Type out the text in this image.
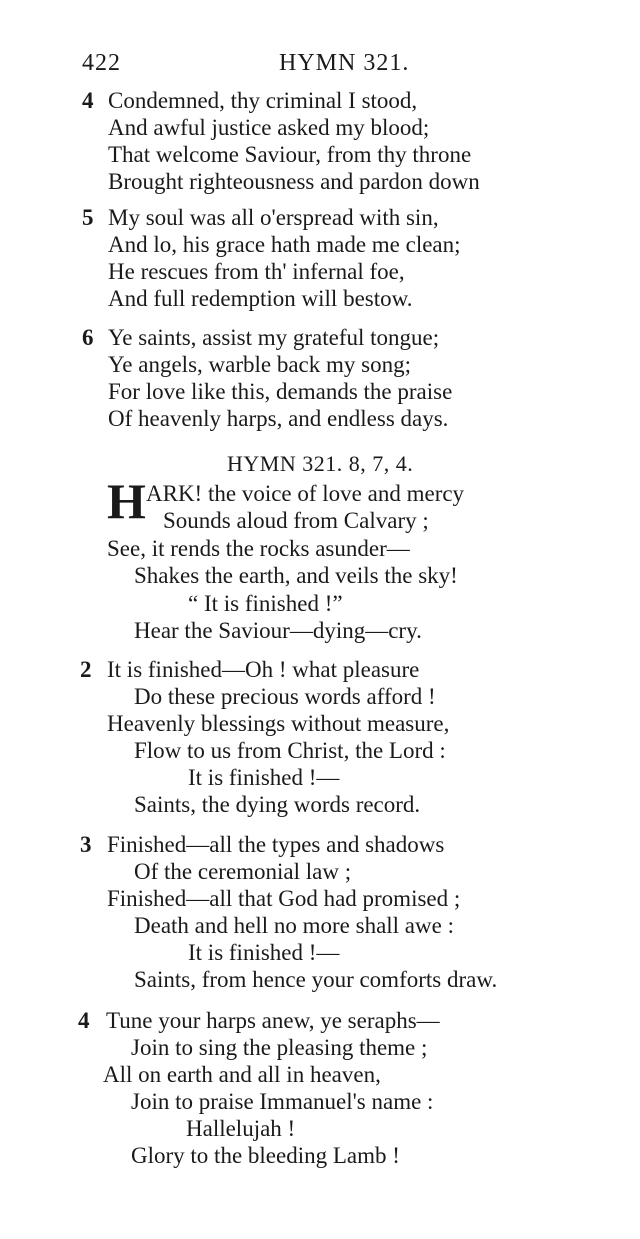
422	HYMN 321.
4 Condemned, thy criminal I stood,
And awful justice asked my blood;
That welcome Saviour, from thy throne
Brought righteousness and pardon down
5 My soul was all o'erspread with sin,
And lo, his grace hath made me clean;
He rescues from th' infernal foe,
And full redemption will bestow.
6 Ye saints, assist my grateful tongue;
Ye angels, warble back my song;
For love like this, demands the praise
Of heavenly harps, and endless days.
HYMN 321. 8, 7, 4.
H ARK! the voice of love and mercy
Sounds aloud from Calvary ;
See, it rends the rocks asunder—
Shakes the earth, and veils the sky!
“ It is finished !”
Hear the Saviour—dying—cry.
2 It is finished—Oh ! what pleasure
Do these precious words afford !
Heavenly blessings without measure,
Flow to us from Christ, the Lord :
It is finished !—
Saints, the dying words record.
3 Finished—all the types and shadows
Of the ceremonial law ;
Finished—all that God had promised ;
Death and hell no more shall awe :
It is finished !—
Saints, from hence your comforts draw.
4 Tune your harps anew, ye seraphs—
Join to sing the pleasing theme ;
All on earth and all in heaven,
Join to praise Immanuel's name :
Hallelujah !
Glory to the bleeding Lamb !
